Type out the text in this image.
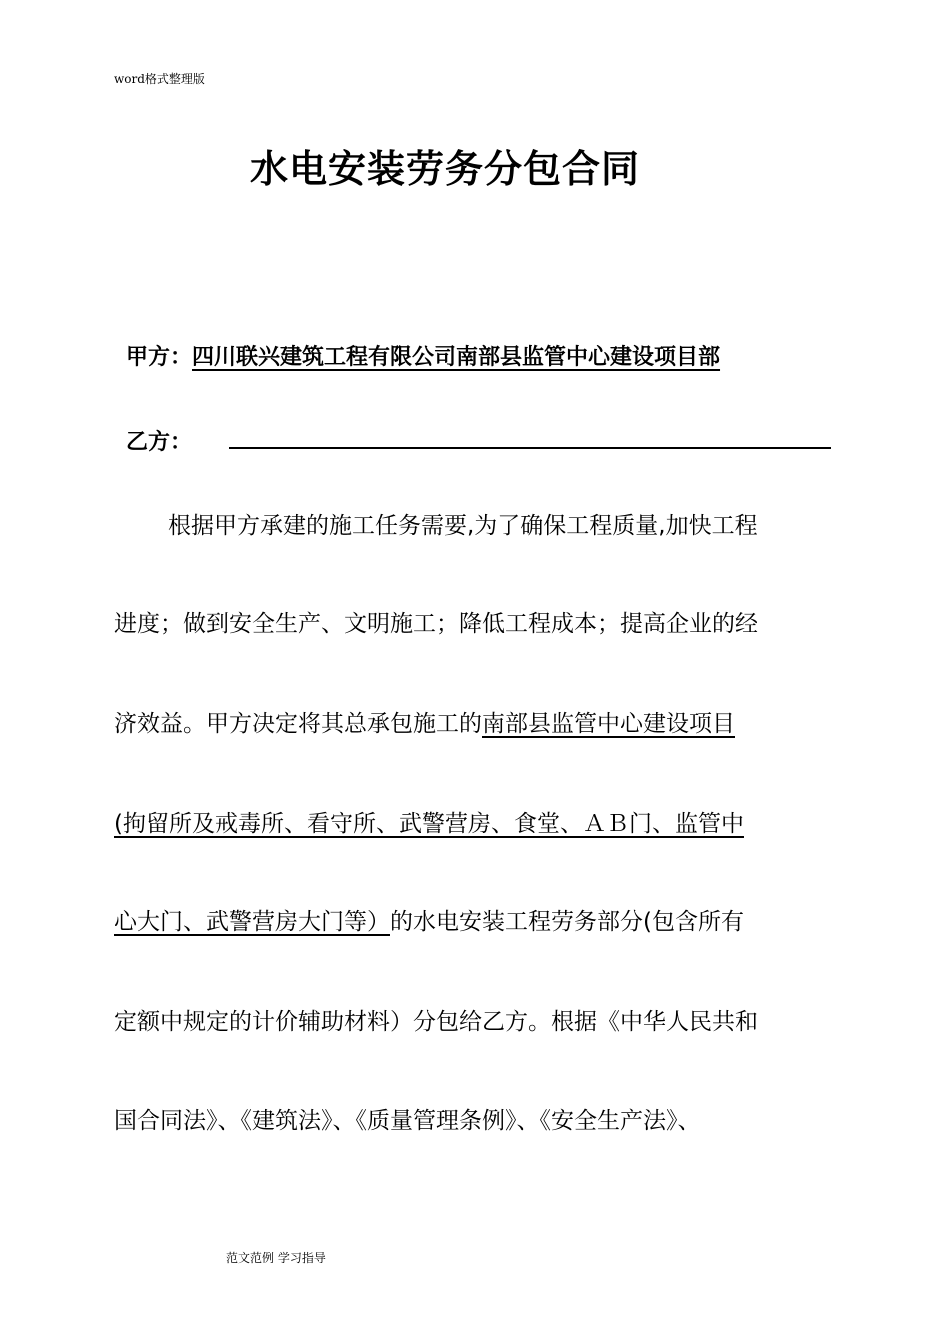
word格式整理版
水电安装劳务分包合同
甲方：四川联兴建筑工程有限公司南部县监管中心建设项目部
乙方：
根据甲方承建的施工任务需要,为了确保工程质量,加快工程
进度；做到安全生产、文明施工；降低工程成本；提高企业的经
济效益。甲方决定将其总承包施工的南部县监管中心建设项目
(拘留所及戒毒所、看守所、武警营房、食堂、ＡＢ门、监管中
心大门、武警营房大门等）的水电安装工程劳务部分(包含所有
定额中规定的计价辅助材料）分包给乙方。根据《中华人民共和
国合同法》、《建筑法》、《质量管理条例》、《安全生产法》、
范文范例 学习指导
